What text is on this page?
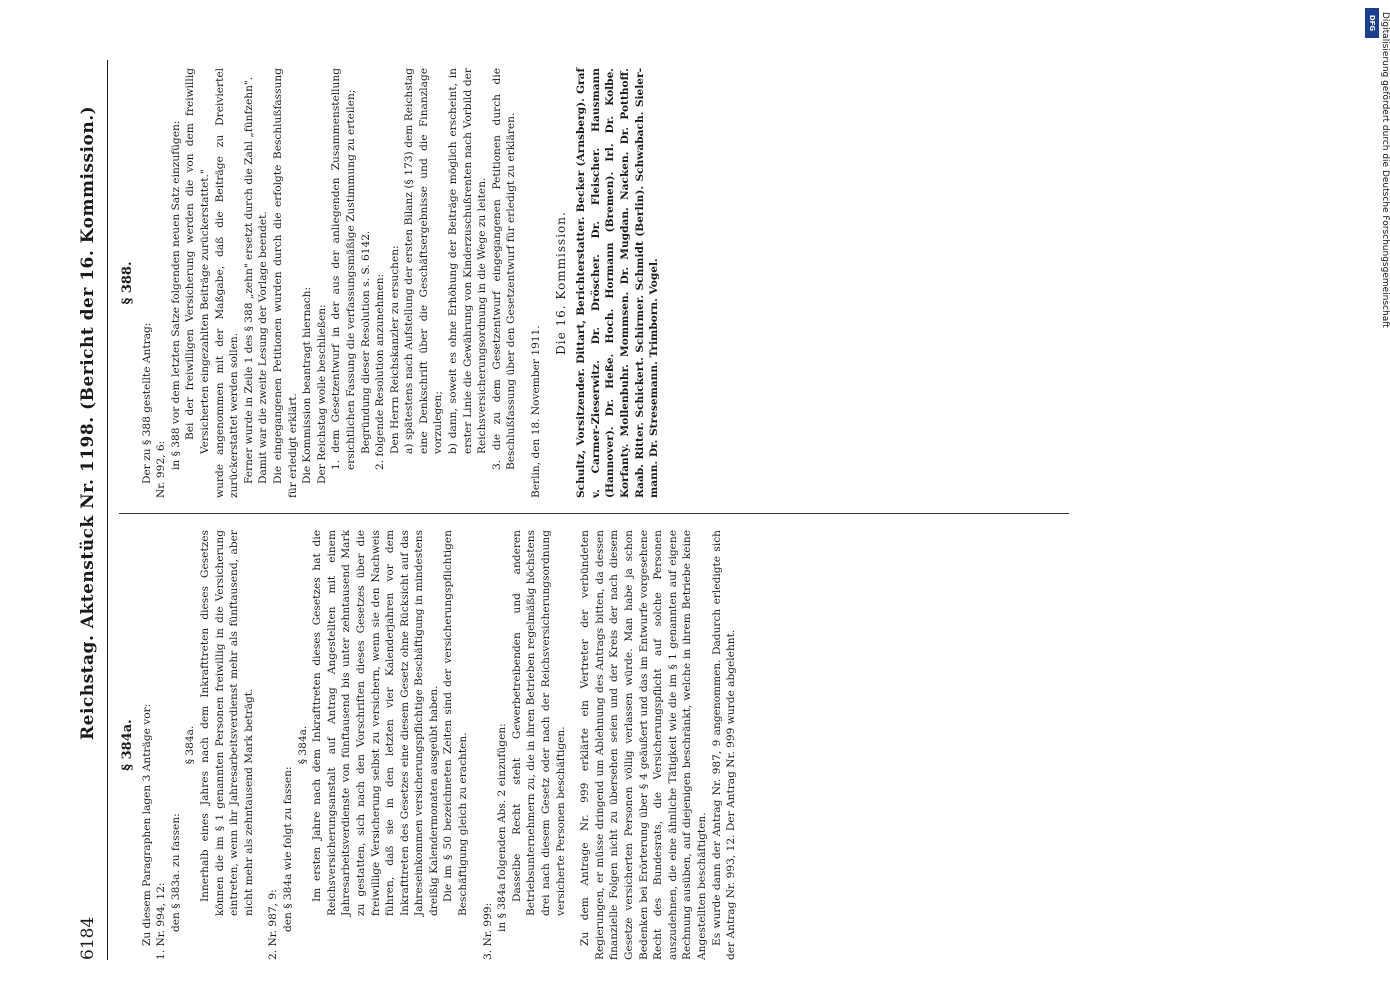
6184
Reichstag. Aktenstück Nr. 1198. (Bericht der 16. Kommission.)
§ 384a. Zu diesem Paragraphen lagen 3 Anträge vor: 1. Nr. 994, 12: den § 383a. zu fassen:

§ 384a. Innerhalb eines Jahres nach dem Inkrafttreten dieses Gesetzes können die im § 1 genannten Personen freiwillig in die Versicherung eintreten, wenn ihr Jahresarbeitsverdienst mehr als fünftausend, aber nicht mehr als zehntausend Mark beträgt.

2. Nr. 987, 9: den § 384a wie folgt zu fassen:

§ 384a. Im ersten Jahre nach dem Inkrafttreten dieses Gesetzes hat die Reichsversicherungsanstalt auf Antrag Angestellten mit einem Jahresarbeitsverdienste von fünftausend bis unter zehntausend Mark zu gestatten, sich nach den Vorschriften dieses Gesetzes über die freiwillige Versicherung selbst zu versichern, wenn sie den Nachweis führen, daß sie in den letzten vier Kalenderjahren vor dem Inkrafttreten des Gesetzes eine diesem Gesetz ohne Rücksicht auf das Jahreseinkommen versicherungspflichtige Beschäftigung in mindestens dreißig Kalendermonaten ausgeübt haben. Die im § 50 bezeichneten Zeiten sind der versicherungspflichtigen Beschäftigung gleich zu erachten.

3. Nr. 999: in § 384a folgenden Abs. 2 einzufügen: Dasselbe Recht steht Gewerbetreibenden und anderen Betriebsunternehmern zu, die in ihren Betrieben regelmäßig höchstens drei nach diesem Gesetz oder nach der Reichsversicherungsordnung versicherte Personen beschäftigen. Zu dem Antrage Nr. 999 erklärte ein Vertreter der verbündeten Regierungen, er müsse dringend um Ablehnung des Antrags bitten, da dessen finanzielle Folgen nicht zu übersehen seien und der Kreis der nach diesem Gesetze versicherten Personen völlig verlassen würde. Man habe ja schon Bedenken bei Erörterung über § 4 geäußert und das im Entwurfe vorgesehene Recht des Bundesrats, die Versicherungspflicht auf solche Personen auszudehnen, die eine ähnliche Tätigkeit wie die im § 1 genannten auf eigene Rechnung ausüben, auf diejenigen beschränkt, welche in ihrem Betriebe keine Angestellten beschäftigten. Es wurde dann der Antrag Nr. 987, 9 angenommen. Dadurch erledigte sich der Antrag Nr. 993, 12. Der Antrag Nr. 999 wurde abgelehnt.

§ 388.

Der zu § 388 gestellte Antrag: Nr. 992, 6: in § 388 vor dem letzten Satze folgenden neuen Satz einzufügen: Bei der freiwilligen Versicherung werden die von dem freiwillig Versicherten eingezahlten Beiträge zurückerstattet." wurde angenommen mit der Maßgabe, daß die Beiträge zu Dreiviertel zurückerstattet werden sollen. Ferner wurde in Zeile 1 des § 388 „zehn" ersetzt durch die Zahl „fünfzehn". Damit war die zweite Lesung der Vorlage beendet. Die eingegangenen Petitionen wurden durch die erfolgte Beschlußfassung für erledigt erklärt. Die Kommission beantragt hiernach: Der Reichstag wolle beschließen: 1. dem Gesetzentwurf in der aus der anliegenden Zusammenstellung ersichtlichen Fassung die verfassungsmäßige Zustimmung zu erteilen; Begründung dieser Resolution s. S. 6142. 2. folgende Resolution anzunehmen: Den Herrn Reichskanzler zu ersuchen: a) spätestens nach Aufstellung der ersten Bilanz (§ 173) dem Reichstag eine Denkschrift über die Geschäftsergebnisse und die Finanzlage vorzulegen; b) dann, soweit es ohne Erhöhung der Beiträge möglich erscheint, in erster Linie die Gewährung von Kinderzuschußrenten nach Vorbild der Reichsversicherungsordnung in die Wege zu leiten. 3. die zu dem Gesetzentwurf eingegangenen Petitionen durch die Beschlußfassung über den Gesetzentwurf für erledigt zu erklären. Berlin, den 18. November 1911.

Die 16. Kommission. Schultz, Vorsitzender. Dittart, Berichterstatter. Becker (Arnsberg). Graf v. Carmer-Zieserwitz. Dr. Dröscher. Dr. Fleischer. Hausmann (Hannover). Dr. Heße. Hoch. Hormann (Bremen). Irl. Dr. Kolbe. Korfanty. Mollenbuhr. Mommsen. Dr. Mugdan. Nacken. Dr. Potthoff. Raab. Ritter. Schickert. Schirmer. Schmidt (Berlin). Schwabach. Sieler-mann. Dr. Stresemann. Trimborn. Vogel.

DFG Digitalisierung gefördert durch die Deutsche Forschungsgemeinschaft
